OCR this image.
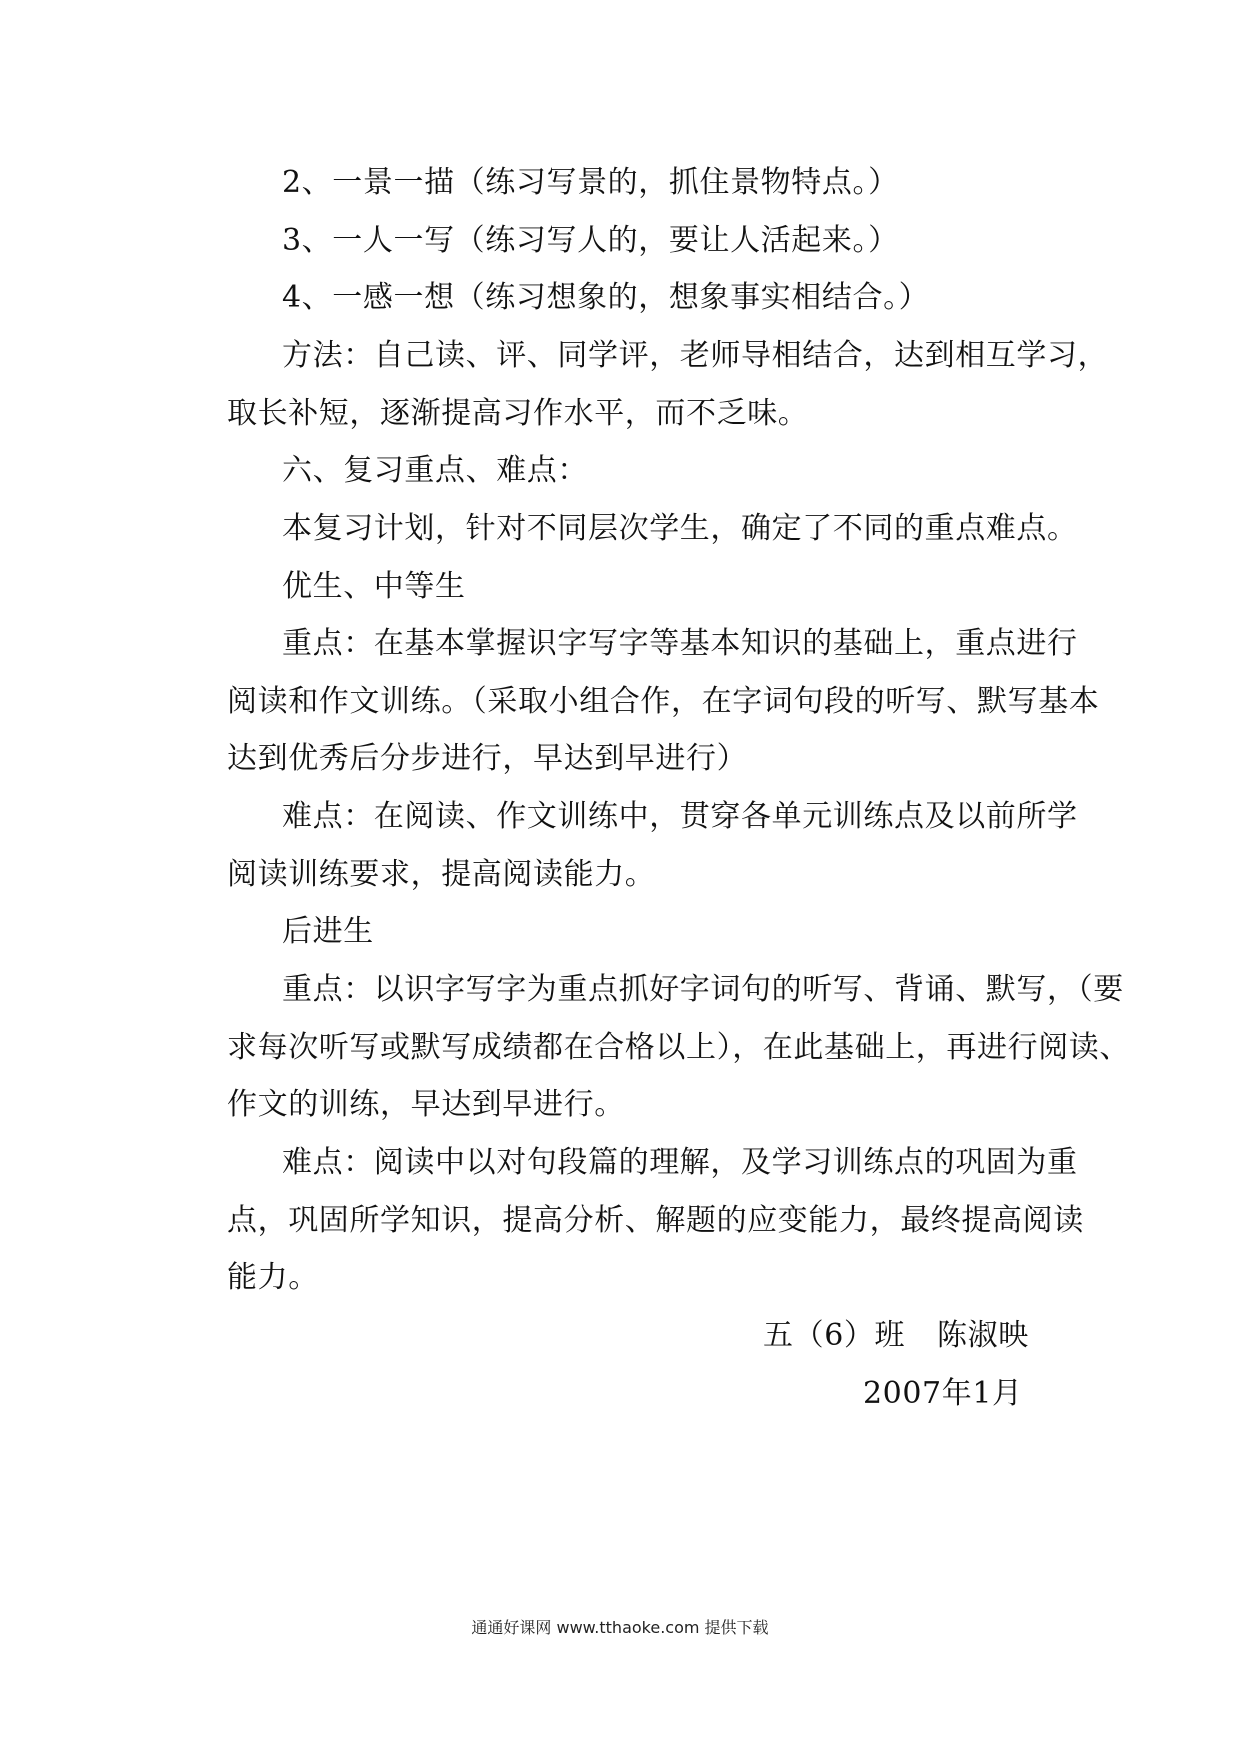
2、一景一描（练习写景的，抓住景物特点。）
3、一人一写（练习写人的，要让人活起来。）
4、一感一想（练习想象的，想象事实相结合。）
方法：自己读、评、同学评，老师导相结合，达到相互学习，
取长补短，逐渐提高习作水平，而不乏味。
六、复习重点、难点：
本复习计划，针对不同层次学生，确定了不同的重点难点。
优生、中等生
重点：在基本掌握识字写字等基本知识的基础上，重点进行
阅读和作文训练。（采取小组合作，在字词句段的听写、默写基本
达到优秀后分步进行，早达到早进行）
难点：在阅读、作文训练中，贯穿各单元训练点及以前所学
阅读训练要求，提高阅读能力。
后进生
重点：以识字写字为重点抓好字词句的听写、背诵、默写，（要
求每次听写或默写成绩都在合格以上），在此基础上，再进行阅读、
作文的训练，早达到早进行。
难点：阅读中以对句段篇的理解，及学习训练点的巩固为重
点，巩固所学知识，提高分析、解题的应变能力，最终提高阅读
能力。
五（6）班 陈淑映
2007年1月
通通好课网 www.tthaoke.com 提供下载
